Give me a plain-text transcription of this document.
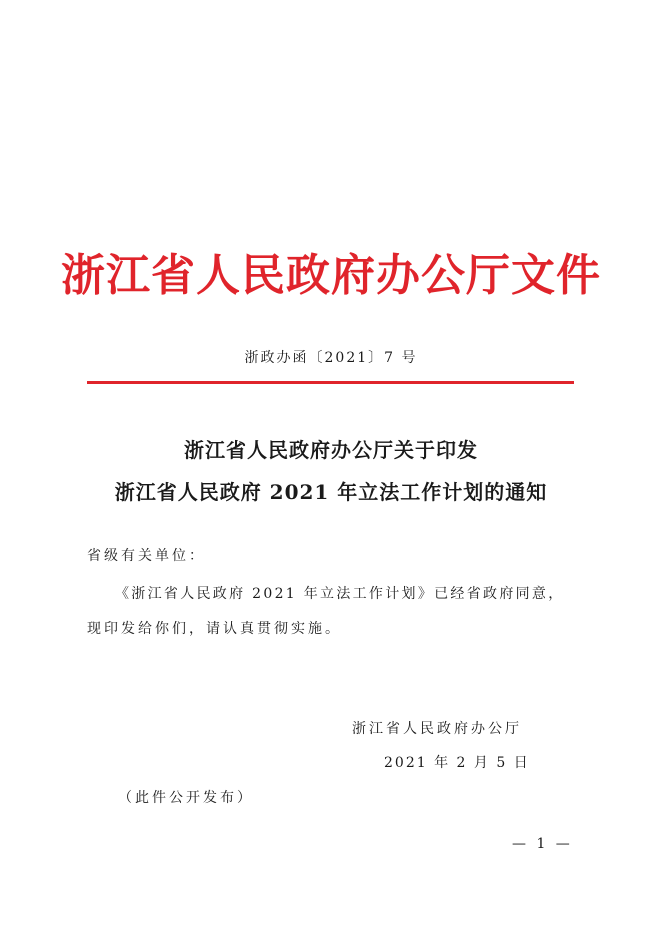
浙江省人民政府办公厅文件
浙政办函〔2021〕7 号
浙江省人民政府办公厅关于印发
浙江省人民政府 2021 年立法工作计划的通知
省级有关单位：
《浙江省人民政府 2021 年立法工作计划》已经省政府同意，
现印发给你们，请认真贯彻实施。
浙江省人民政府办公厅
2021 年 2 月 5 日
（此件公开发布）
— 1 —
